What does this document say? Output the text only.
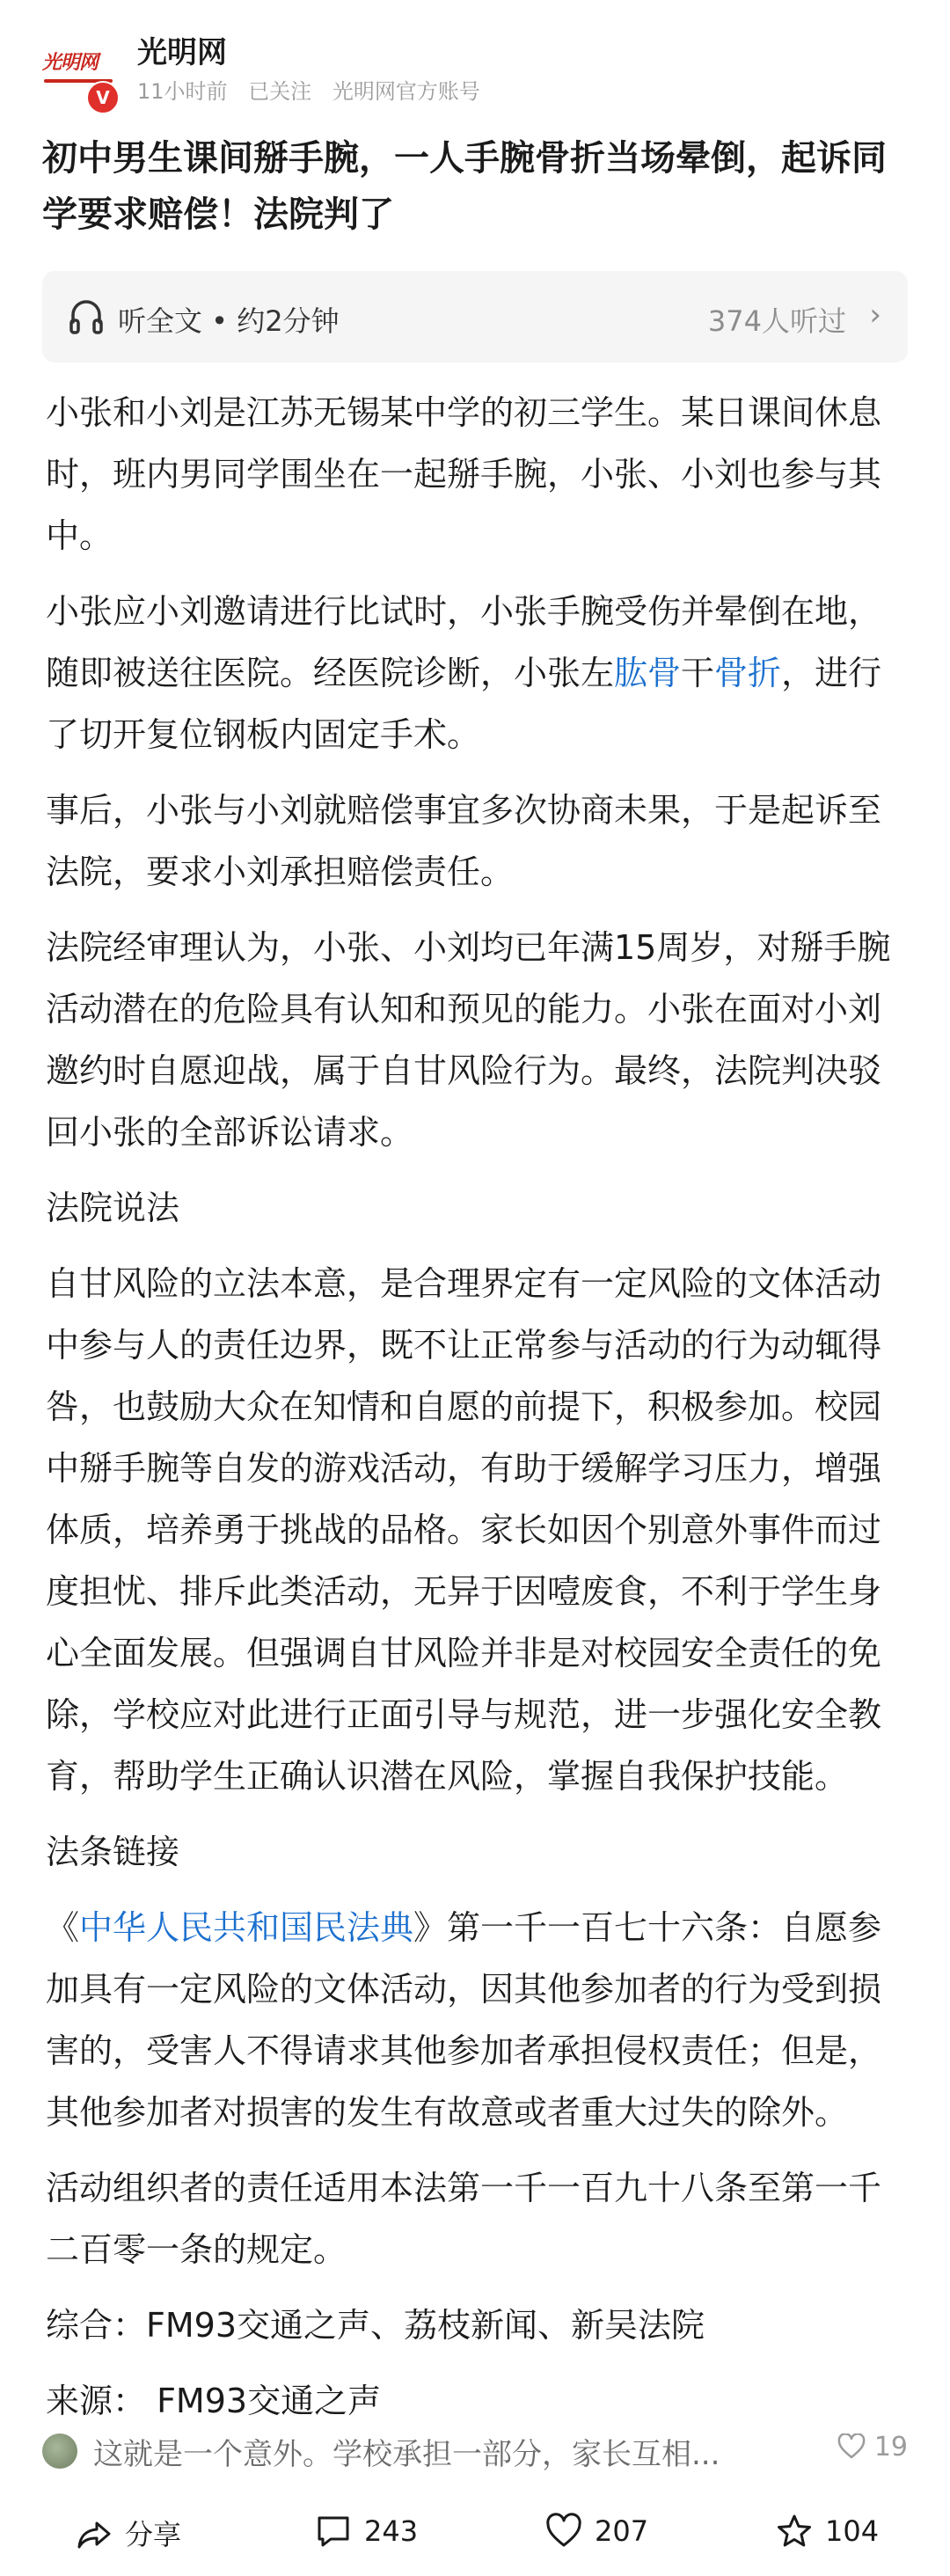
光明网
V
光明网
11小时前 已关注 光明网官方账号
初中男生课间掰手腕，一人手腕骨折当场晕倒，起诉同学要求赔偿！法院判了
听全文 • 约2分钟	374人听过 ›

小张和小刘是江苏无锡某中学的初三学生。某日课间休息时，班内男同学围坐在一起掰手腕，小张、小刘也参与其中。

小张应小刘邀请进行比试时，小张手腕受伤并晕倒在地，随即被送往医院。经医院诊断，小张左肱骨干骨折，进行了切开复位钢板内固定手术。

事后，小张与小刘就赔偿事宜多次协商未果，于是起诉至法院，要求小刘承担赔偿责任。

法院经审理认为，小张、小刘均已年满15周岁，对掰手腕活动潜在的危险具有认知和预见的能力。小张在面对小刘邀约时自愿迎战，属于自甘风险行为。最终，法院判决驳回小张的全部诉讼请求。

法院说法

自甘风险的立法本意，是合理界定有一定风险的文体活动中参与人的责任边界，既不让正常参与活动的行为动辄得咎，也鼓励大众在知情和自愿的前提下，积极参加。校园中掰手腕等自发的游戏活动，有助于缓解学习压力，增强体质，培养勇于挑战的品格。家长如因个别意外事件而过度担忧、排斥此类活动，无异于因噎废食，不利于学生身心全面发展。但强调自甘风险并非是对校园安全责任的免除，学校应对此进行正面引导与规范，进一步强化安全教育，帮助学生正确认识潜在风险，掌握自我保护技能。

法条链接

《中华人民共和国民法典》第一千一百七十六条：自愿参加具有一定风险的文体活动，因其他参加者的行为受到损害的，受害人不得请求其他参加者承担侵权责任；但是，其他参加者对损害的发生有故意或者重大过失的除外。

活动组织者的责任适用本法第一千一百九十八条至第一千二百零一条的规定。

综合：FM93交通之声、荔枝新闻、新吴法院

来源： FM93交通之声

这就是一个意外。学校承担一部分，家长互相...	19
分享	243	207	104
